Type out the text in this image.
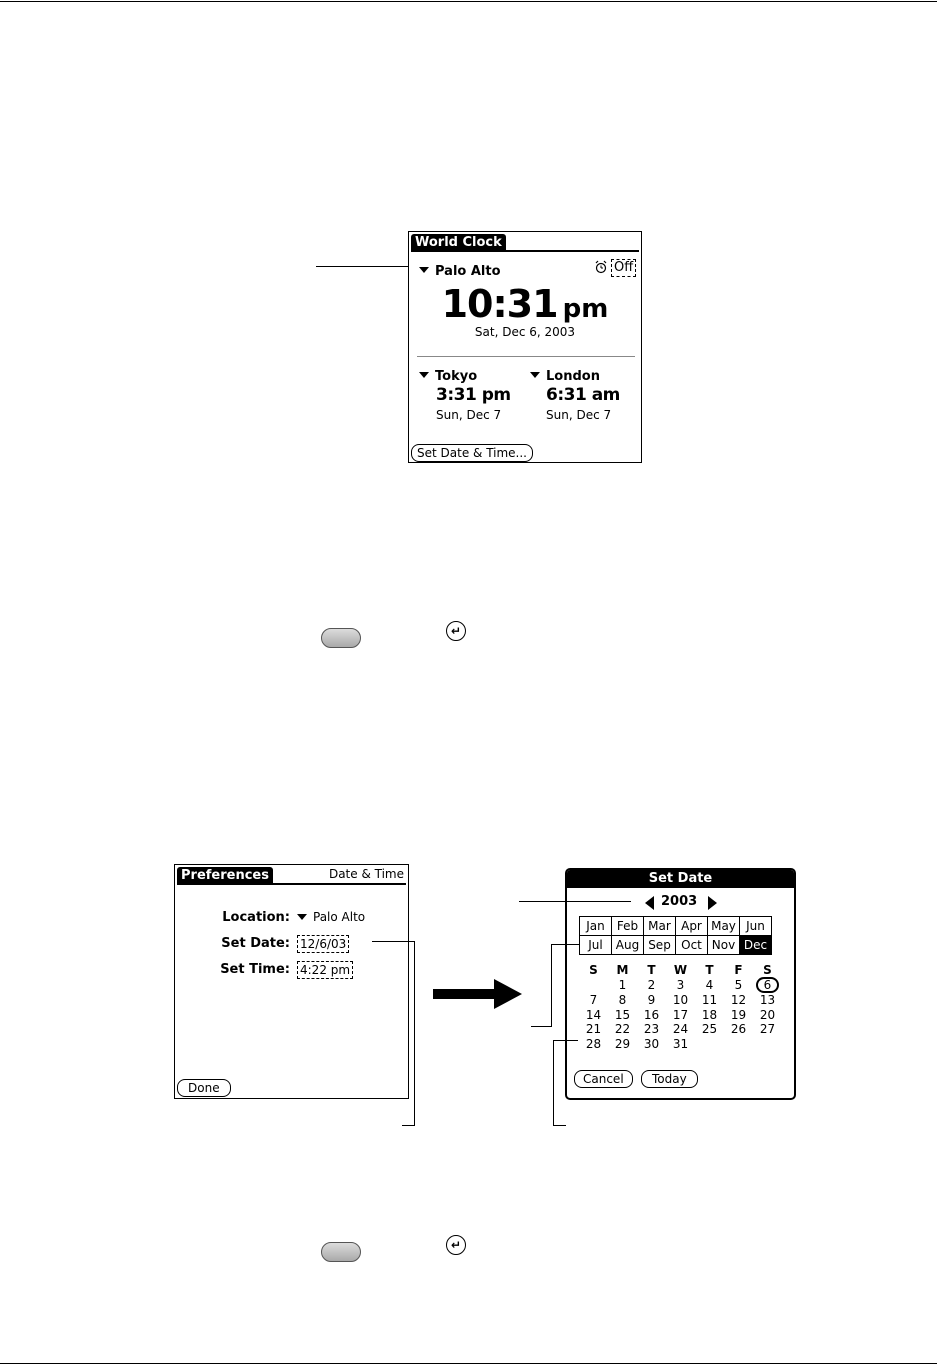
World Clock
Palo Alto	Off
10:31 pm
Sat, Dec 6, 2003
Tokyo
3:31 pm
Sun, Dec 7
London
6:31 am
Sun, Dec 7
Set Date & Time...
↵
Preferences	Date & Time
Location:	Palo Alto
Set Date: 12/6/03
Set Time: 4:22 pm
Done
Set Date
2003
Jan	Feb	Mar	Apr	May	Jun
Jul	Aug	Sep	Oct	Nov	Dec
S	M	T	W	T	F	S
	1	2	3	4	5	6
7	8	9	10	11	12	13
14	15	16	17	18	19	20
21	22	23	24	25	26	27
28	29	30	31			
Cancel	Today
↵
